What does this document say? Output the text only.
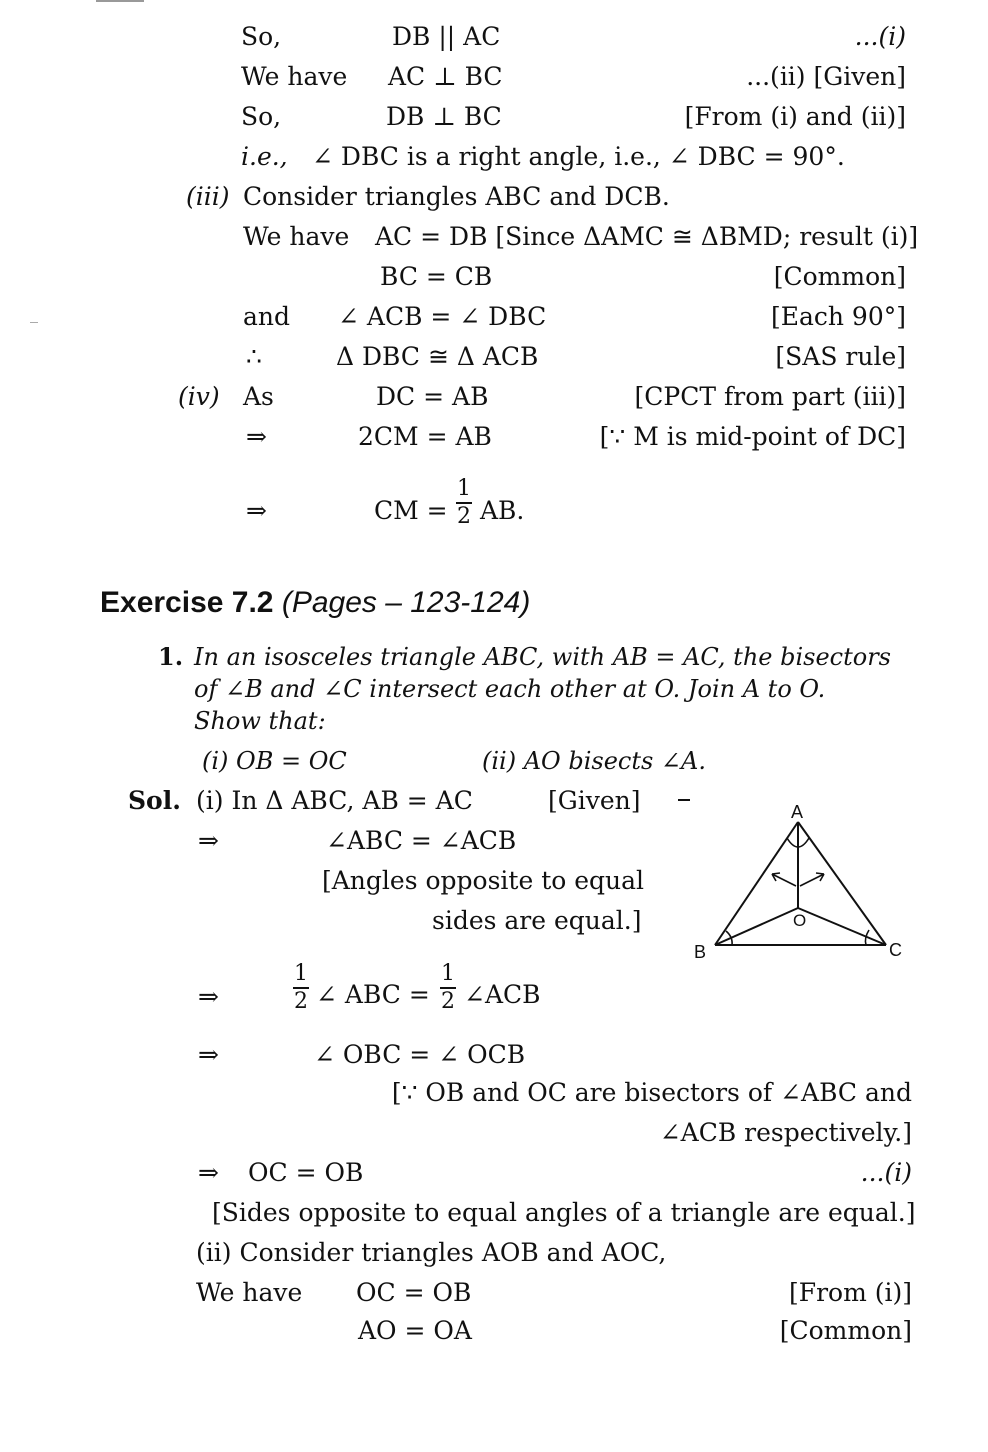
So,	DB || AC	...(i)
We have AC ⊥ BC	...(ii) [Given]
So,	DB ⊥ BC	[From (i) and (ii)]
i.e., ∠ DBC is a right angle, i.e., ∠ DBC = 90°.
(iii) Consider triangles ABC and DCB.
We have AC = DB [Since ΔAMC ≅ ΔBMD; result (i)]
BC = CB	[Common]
and ∠ ACB = ∠ DBC	[Each 90°]
∴	Δ DBC ≅ Δ ACB	[SAS rule]
(iv) As	DC = AB	[CPCT from part (iii)]
⇒	2CM = AB	[∵ M is mid-point of DC]
⇒	CM =
1
2 AB.
Exercise 7.2 (Pages – 123-124)
1. In an isosceles triangle ABC, with AB = AC, the bisectors
of ∠B and ∠C intersect each other at O. Join A to O.
Show that:
(i) OB = OC	(ii) AO bisects ∠A.
Sol. (i) In Δ ABC, AB = AC	[Given]
⇒	∠ABC = ∠ACB
[Angles opposite to equal
sides are equal.]
⇒
1
2 ∠ ABC =
1
2 ∠ACB
⇒	∠ OBC = ∠ OCB
[∵ OB and OC are bisectors of ∠ABC and
∠ACB respectively.]
⇒ OC = OB	...(i)
[Sides opposite to equal angles of a triangle are equal.]
(ii) Consider triangles AOB and AOC,
We have OC = OB	[From (i)]
AO = OA	[Common]
A
B	C
O
